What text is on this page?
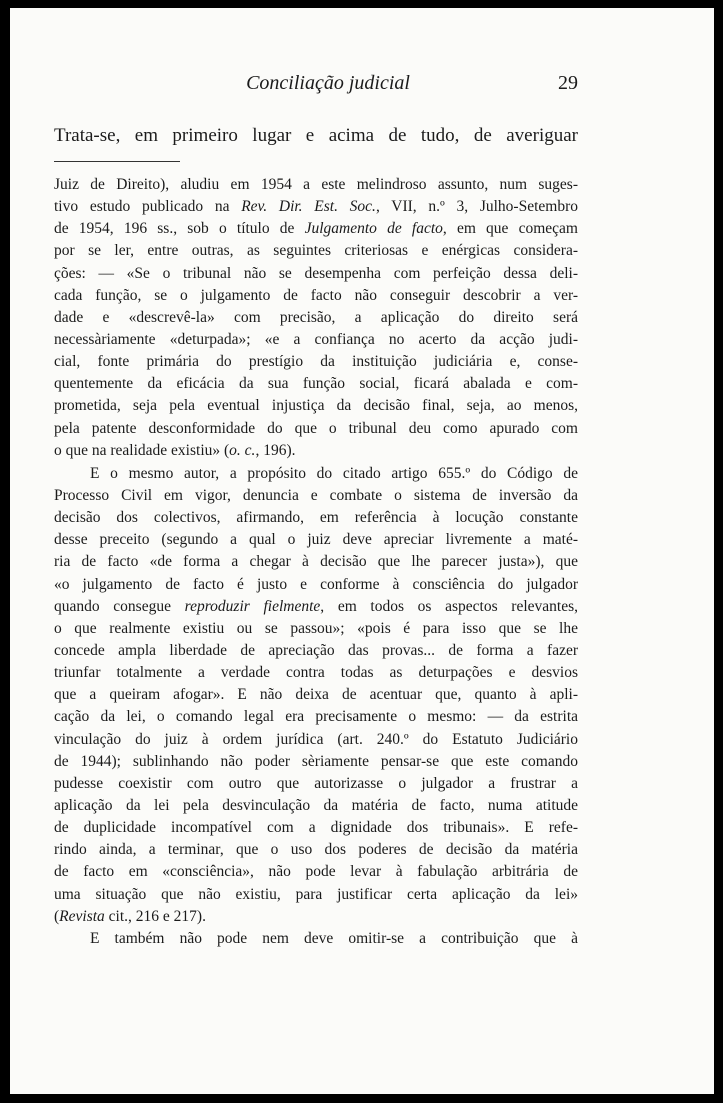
Conciliação judicial	29
Trata-se, em primeiro lugar e acima de tudo, de averiguar
Juiz de Direito), aludiu em 1954 a este melindroso assunto, num suges-
tivo estudo publicado na Rev. Dir. Est. Soc., VII, n.º 3, Julho-Setembro
de 1954, 196 ss., sob o título de Julgamento de facto, em que começam
por se ler, entre outras, as seguintes criteriosas e enérgicas considera-
ções: — «Se o tribunal não se desempenha com perfeição dessa deli-
cada função, se o julgamento de facto não conseguir descobrir a ver-
dade e «descrevê-la» com precisão, a aplicação do direito será
necessàriamente «deturpada»; «e a confiança no acerto da acção judi-
cial, fonte primária do prestígio da instituição judiciária e, conse-
quentemente da eficácia da sua função social, ficará abalada e com-
prometida, seja pela eventual injustiça da decisão final, seja, ao menos,
pela patente desconformidade do que o tribunal deu como apurado com
o que na realidade existiu» (o. c., 196).
E o mesmo autor, a propósito do citado artigo 655.º do Código de
Processo Civil em vigor, denuncia e combate o sistema de inversão da
decisão dos colectivos, afirmando, em referência à locução constante
desse preceito (segundo a qual o juiz deve apreciar livremente a maté-
ria de facto «de forma a chegar à decisão que lhe parecer justa»), que
«o julgamento de facto é justo e conforme à consciência do julgador
quando consegue reproduzir fielmente, em todos os aspectos relevantes,
o que realmente existiu ou se passou»; «pois é para isso que se lhe
concede ampla liberdade de apreciação das provas... de forma a fazer
triunfar totalmente a verdade contra todas as deturpações e desvios
que a queiram afogar». E não deixa de acentuar que, quanto à apli-
cação da lei, o comando legal era precisamente o mesmo: — da estrita
vinculação do juiz à ordem jurídica (art. 240.º do Estatuto Judiciário
de 1944); sublinhando não poder sèriamente pensar-se que este comando
pudesse coexistir com outro que autorizasse o julgador a frustrar a
aplicação da lei pela desvinculação da matéria de facto, numa atitude
de duplicidade incompatível com a dignidade dos tribunais». E refe-
rindo ainda, a terminar, que o uso dos poderes de decisão da matéria
de facto em «consciência», não pode levar à fabulação arbitrária de
uma situação que não existiu, para justificar certa aplicação da lei»
(Revista cit., 216 e 217).
E também não pode nem deve omitir-se a contribuição que à
